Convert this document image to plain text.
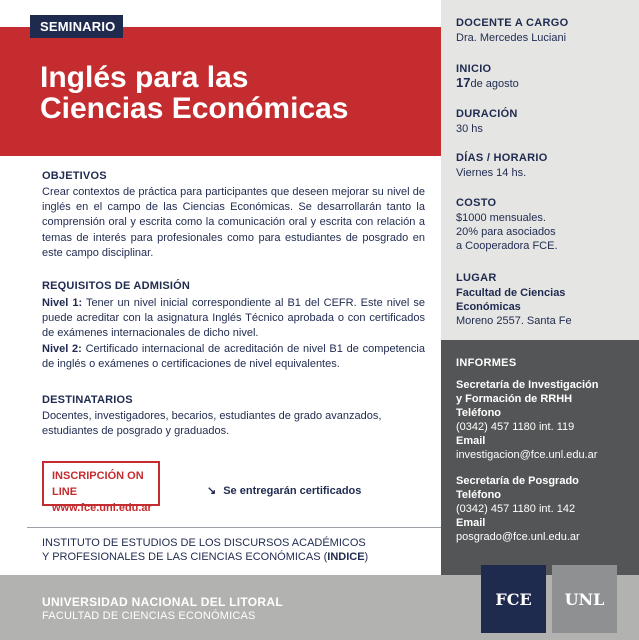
SEMINARIO
Inglés para las
Ciencias Económicas
OBJETIVOS
Crear contextos de práctica para participantes que deseen mejorar su nivel de inglés en el campo de las Ciencias Económicas. Se desarrollarán tanto la comprensión oral y escrita como la comunicación oral y escrita con relación a temas de interés para profesionales como para estudiantes de posgrado en este campo disciplinar.
REQUISITOS DE ADMISIÓN
Nivel 1: Tener un nivel inicial correspondiente al B1 del CEFR. Este nivel se puede acreditar con la asignatura Inglés Técnico aprobada o con certificados de exámenes internacionales de dicho nivel.
Nivel 2: Certificado internacional de acreditación de nivel B1 de competencia de inglés o exámenes o certificaciones de nivel equivalentes.
DESTINATARIOS
Docentes, investigadores, becarios, estudiantes de grado avanzados, estudiantes de posgrado y graduados.
INSCRIPCIÓN ON LINE
www.fce.unl.edu.ar
↘ Se entregarán certificados
INSTITUTO DE ESTUDIOS DE LOS DISCURSOS ACADÉMICOS
Y PROFESIONALES DE LAS CIENCIAS ECONÓMICAS (INDICE)
UNIVERSIDAD NACIONAL DEL LITORAL
FACULTAD DE CIENCIAS ECONÓMICAS
FCE	UNL
DOCENTE A CARGO
Dra. Mercedes Luciani
INICIO
17de agosto
DURACIÓN
30 hs
DÍAS / HORARIO
Viernes 14 hs.
COSTO
$1000 mensuales.
20% para asociados
a Cooperadora FCE.
LUGAR
Facultad de Ciencias
Económicas
Moreno 2557. Santa Fe
INFORMES
Secretaría de Investigación
y Formación de RRHH
Teléfono
(0342) 457 1180 int. 119
Email
investigacion@fce.unl.edu.ar
Secretaría de Posgrado
Teléfono
(0342) 457 1180 int. 142
Email
posgrado@fce.unl.edu.ar
